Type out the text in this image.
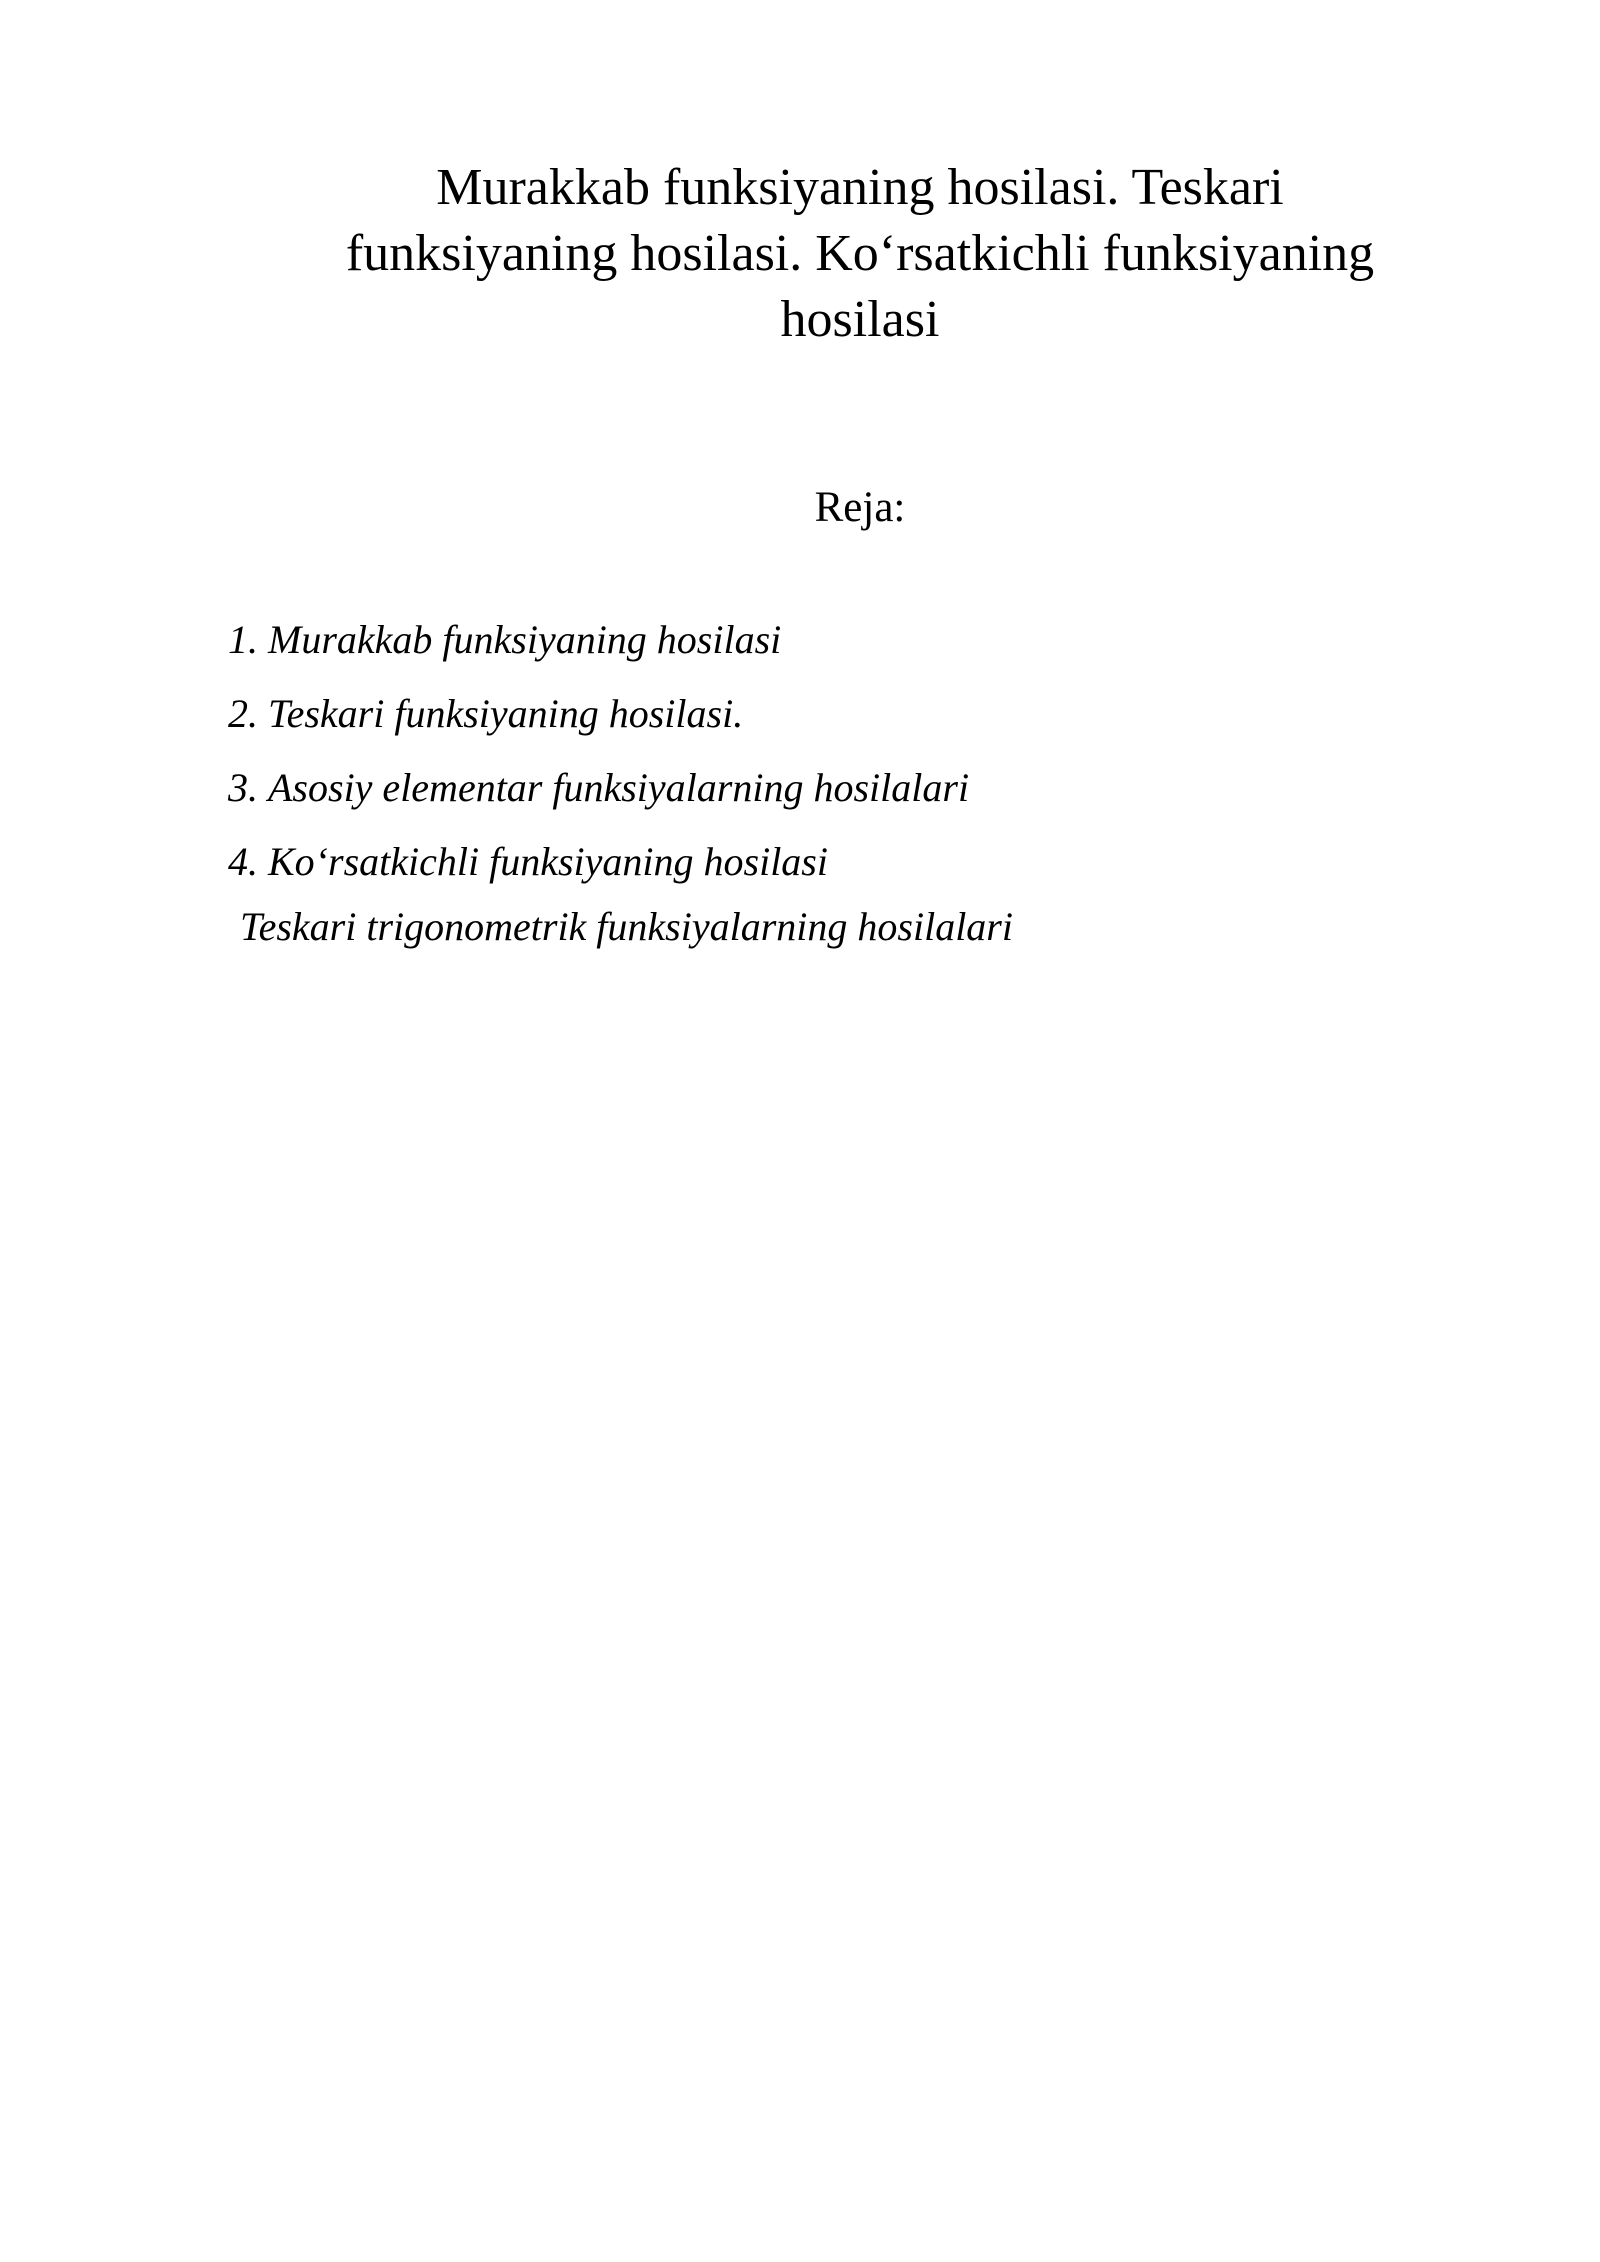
Murakkab funksiyaning hosilasi. Teskari
funksiyaning hosilasi. Ko‘rsatkichli funksiyaning
hosilasi
Reja:
1. Murakkab funksiyaning hosilasi
2. Teskari funksiyaning hosilasi.
3. Asosiy elementar funksiyalarning hosilalari
4. Ko‘rsatkichli funksiyaning hosilasi

Teskari trigonometrik funksiyalarning hosilalari
